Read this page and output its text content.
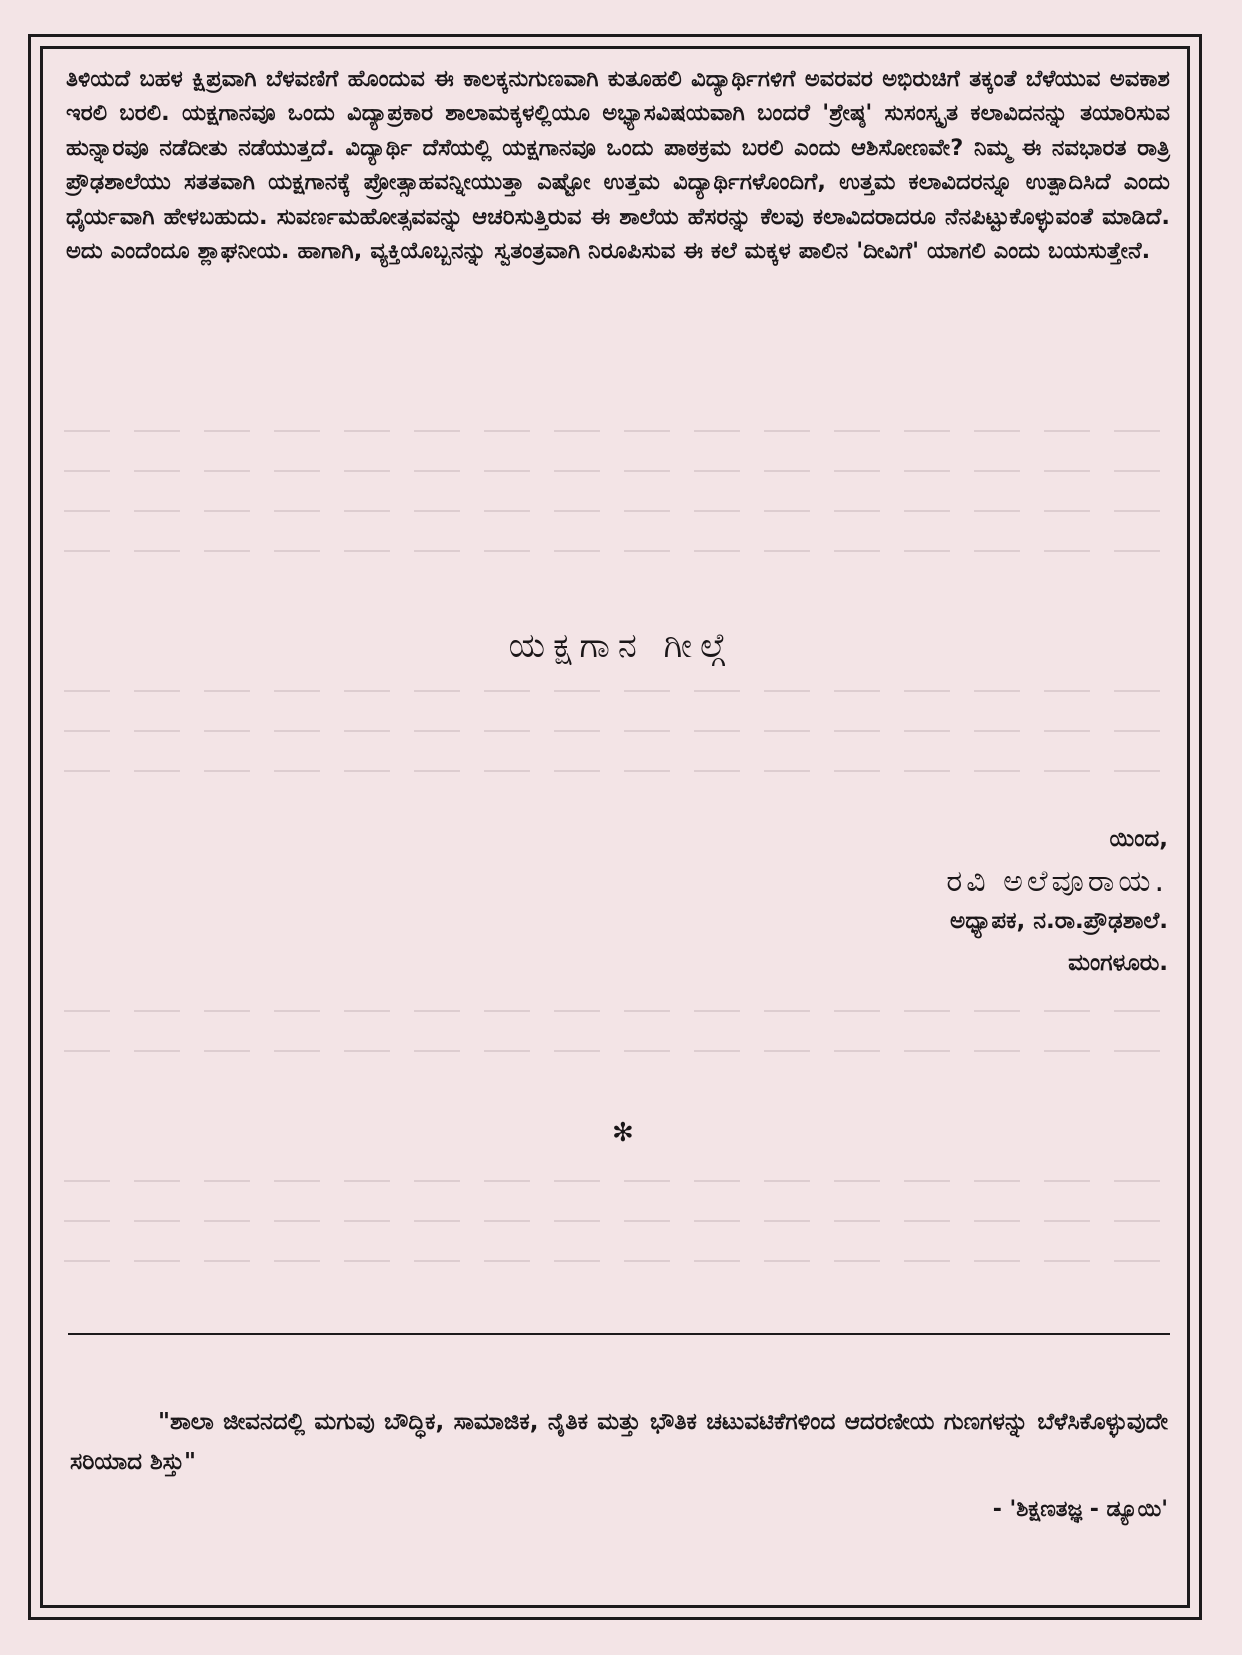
ತಿಳಿಯದೆ ಬಹಳ ಕ್ಷಿಪ್ರವಾಗಿ ಬೆಳವಣಿಗೆ ಹೊಂದುವ ಈ ಕಾಲಕ್ಕನುಗುಣವಾಗಿ ಕುತೂಹಲಿ ವಿದ್ಯಾರ್ಥಿಗಳಿಗೆ ಅವರವರ ಅಭಿರುಚಿಗೆ ತಕ್ಕಂತೆ ಬೆಳೆಯುವ ಅವಕಾಶ ಇರಲಿ ಬರಲಿ. ಯಕ್ಷಗಾನವೂ ಒಂದು ವಿದ್ಯಾಪ್ರಕಾರ ಶಾಲಾಮಕ್ಕಳಲ್ಲಿಯೂ ಅಭ್ಯಾಸವಿಷಯವಾಗಿ ಬಂದರೆ 'ಶ್ರೇಷ್ಠ' ಸುಸಂಸ್ಕೃತ ಕಲಾವಿದನನ್ನು ತಯಾರಿಸುವ ಹುನ್ನಾರವೂ ನಡೆದೀತು ನಡೆಯುತ್ತದೆ. ವಿದ್ಯಾರ್ಥಿ ದೆಸೆಯಲ್ಲಿ ಯಕ್ಷಗಾನವೂ ಒಂದು ಪಾಠಕ್ರಮ ಬರಲಿ ಎಂದು ಆಶಿಸೋಣವೇ? ನಿಮ್ಮ ಈ ನವಭಾರತ ರಾತ್ರಿ ಪ್ರೌಢಶಾಲೆಯು ಸತತವಾಗಿ ಯಕ್ಷಗಾನಕ್ಕೆ ಪ್ರೋತ್ಸಾಹವನ್ನೀಯುತ್ತಾ ಎಷ್ಟೋ ಉತ್ತಮ ವಿದ್ಯಾರ್ಥಿಗಳೊಂದಿಗೆ, ಉತ್ತಮ ಕಲಾವಿದರನ್ನೂ ಉತ್ಪಾದಿಸಿದೆ ಎಂದು ಧೈರ್ಯವಾಗಿ ಹೇಳಬಹುದು. ಸುವರ್ಣಮಹೋತ್ಸವವನ್ನು ಆಚರಿಸುತ್ತಿರುವ ಈ ಶಾಲೆಯ ಹೆಸರನ್ನು ಕೆಲವು ಕಲಾವಿದರಾದರೂ ನೆನಪಿಟ್ಟುಕೊಳ್ಳುವಂತೆ ಮಾಡಿದೆ. ಅದು ಎಂದೆಂದೂ ಶ್ಲಾಘನೀಯ. ಹಾಗಾಗಿ, ವ್ಯಕ್ತಿಯೊಬ್ಬನನ್ನು ಸ್ವತಂತ್ರವಾಗಿ ನಿರೂಪಿಸುವ ಈ ಕಲೆ ಮಕ್ಕಳ ಪಾಲಿನ 'ದೀವಿಗೆ' ಯಾಗಲಿ ಎಂದು ಬಯಸುತ್ತೇನೆ.

ಯಕ್ಷಗಾನ ಗೀಲ್ಗೆ
ಯಿಂದ,
ರವಿ ಅಲೆವೂರಾಯ.
ಅಧ್ಯಾಪಕ, ನ.ರಾ.ಪ್ರೌಢಶಾಲೆ.
ಮಂಗಳೂರು.
✻

"ಶಾಲಾ ಜೀವನದಲ್ಲಿ ಮಗುವು ಬೌದ್ಧಿಕ, ಸಾಮಾಜಿಕ, ನೈತಿಕ ಮತ್ತು ಭೌತಿಕ ಚಟುವಟಿಕೆಗಳಿಂದ ಆದರಣೀಯ ಗುಣಗಳನ್ನು ಬೆಳೆಸಿಕೊಳ್ಳುವುದೇ ಸರಿಯಾದ ಶಿಸ್ತು"

- 'ಶಿಕ್ಷಣತಜ್ಞ - ಡ್ಯೂಯಿ'
